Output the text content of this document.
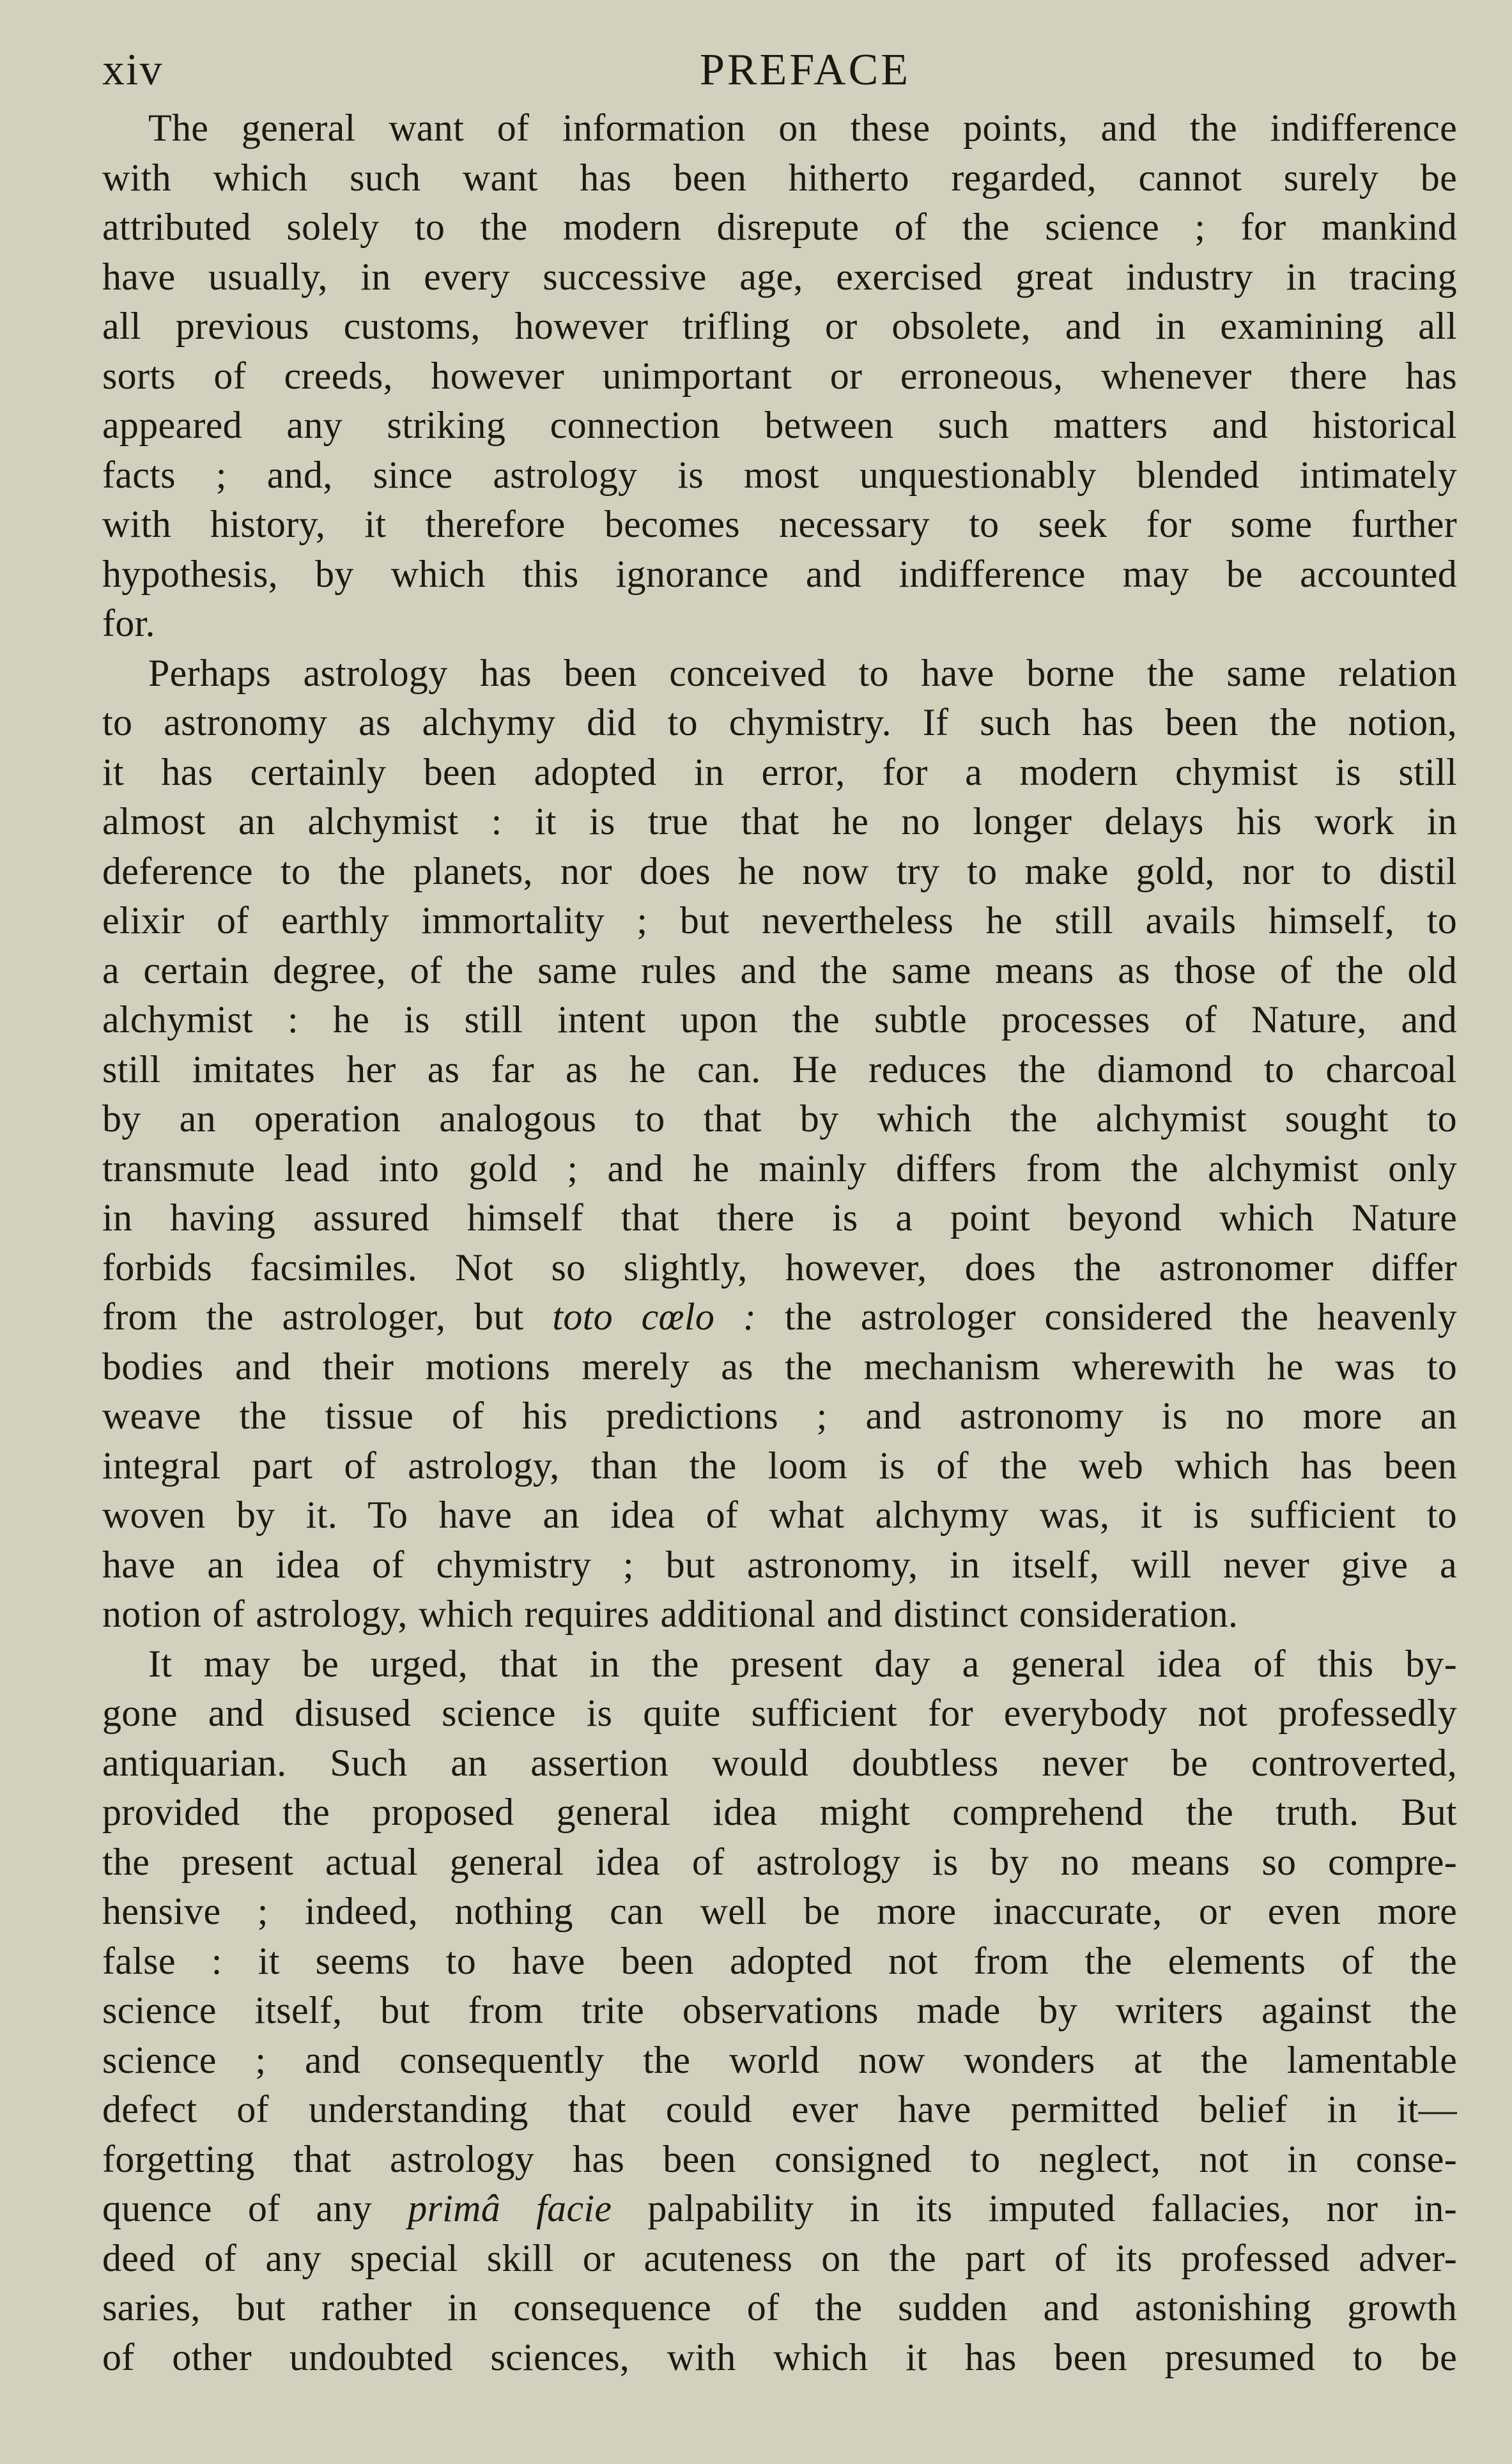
xiv	PREFACE
The general want of information on these points, and the indifference
with which such want has been hitherto regarded, cannot surely be
attributed solely to the modern disrepute of the science ; for mankind
have usually, in every successive age, exercised great industry in tracing
all previous customs, however trifling or obsolete, and in examining all
sorts of creeds, however unimportant or erroneous, whenever there has
appeared any striking connection between such matters and historical
facts ; and, since astrology is most unquestionably blended intimately
with history, it therefore becomes necessary to seek for some further
hypothesis, by which this ignorance and indifference may be accounted
for.
Perhaps astrology has been conceived to have borne the same relation
to astronomy as alchymy did to chymistry. If such has been the notion,
it has certainly been adopted in error, for a modern chymist is still
almost an alchymist : it is true that he no longer delays his work in
deference to the planets, nor does he now try to make gold, nor to distil
elixir of earthly immortality ; but nevertheless he still avails himself, to
a certain degree, of the same rules and the same means as those of the old
alchymist : he is still intent upon the subtle processes of Nature, and
still imitates her as far as he can. He reduces the diamond to charcoal
by an operation analogous to that by which the alchymist sought to
transmute lead into gold ; and he mainly differs from the alchymist only
in having assured himself that there is a point beyond which Nature
forbids facsimiles. Not so slightly, however, does the astronomer differ
from the astrologer, but toto cœlo : the astrologer considered the heavenly
bodies and their motions merely as the mechanism wherewith he was to
weave the tissue of his predictions ; and astronomy is no more an
integral part of astrology, than the loom is of the web which has been
woven by it. To have an idea of what alchymy was, it is sufficient to
have an idea of chymistry ; but astronomy, in itself, will never give a
notion of astrology, which requires additional and distinct consideration.
It may be urged, that in the present day a general idea of this by-
gone and disused science is quite sufficient for everybody not professedly
antiquarian. Such an assertion would doubtless never be controverted,
provided the proposed general idea might comprehend the truth. But
the present actual general idea of astrology is by no means so compre-
hensive ; indeed, nothing can well be more inaccurate, or even more
false : it seems to have been adopted not from the elements of the
science itself, but from trite observations made by writers against the
science ; and consequently the world now wonders at the lamentable
defect of understanding that could ever have permitted belief in it—
forgetting that astrology has been consigned to neglect, not in conse-
quence of any primâ facie palpability in its imputed fallacies, nor in-
deed of any special skill or acuteness on the part of its professed adver-
saries, but rather in consequence of the sudden and astonishing growth
of other undoubted sciences, with which it has been presumed to be
